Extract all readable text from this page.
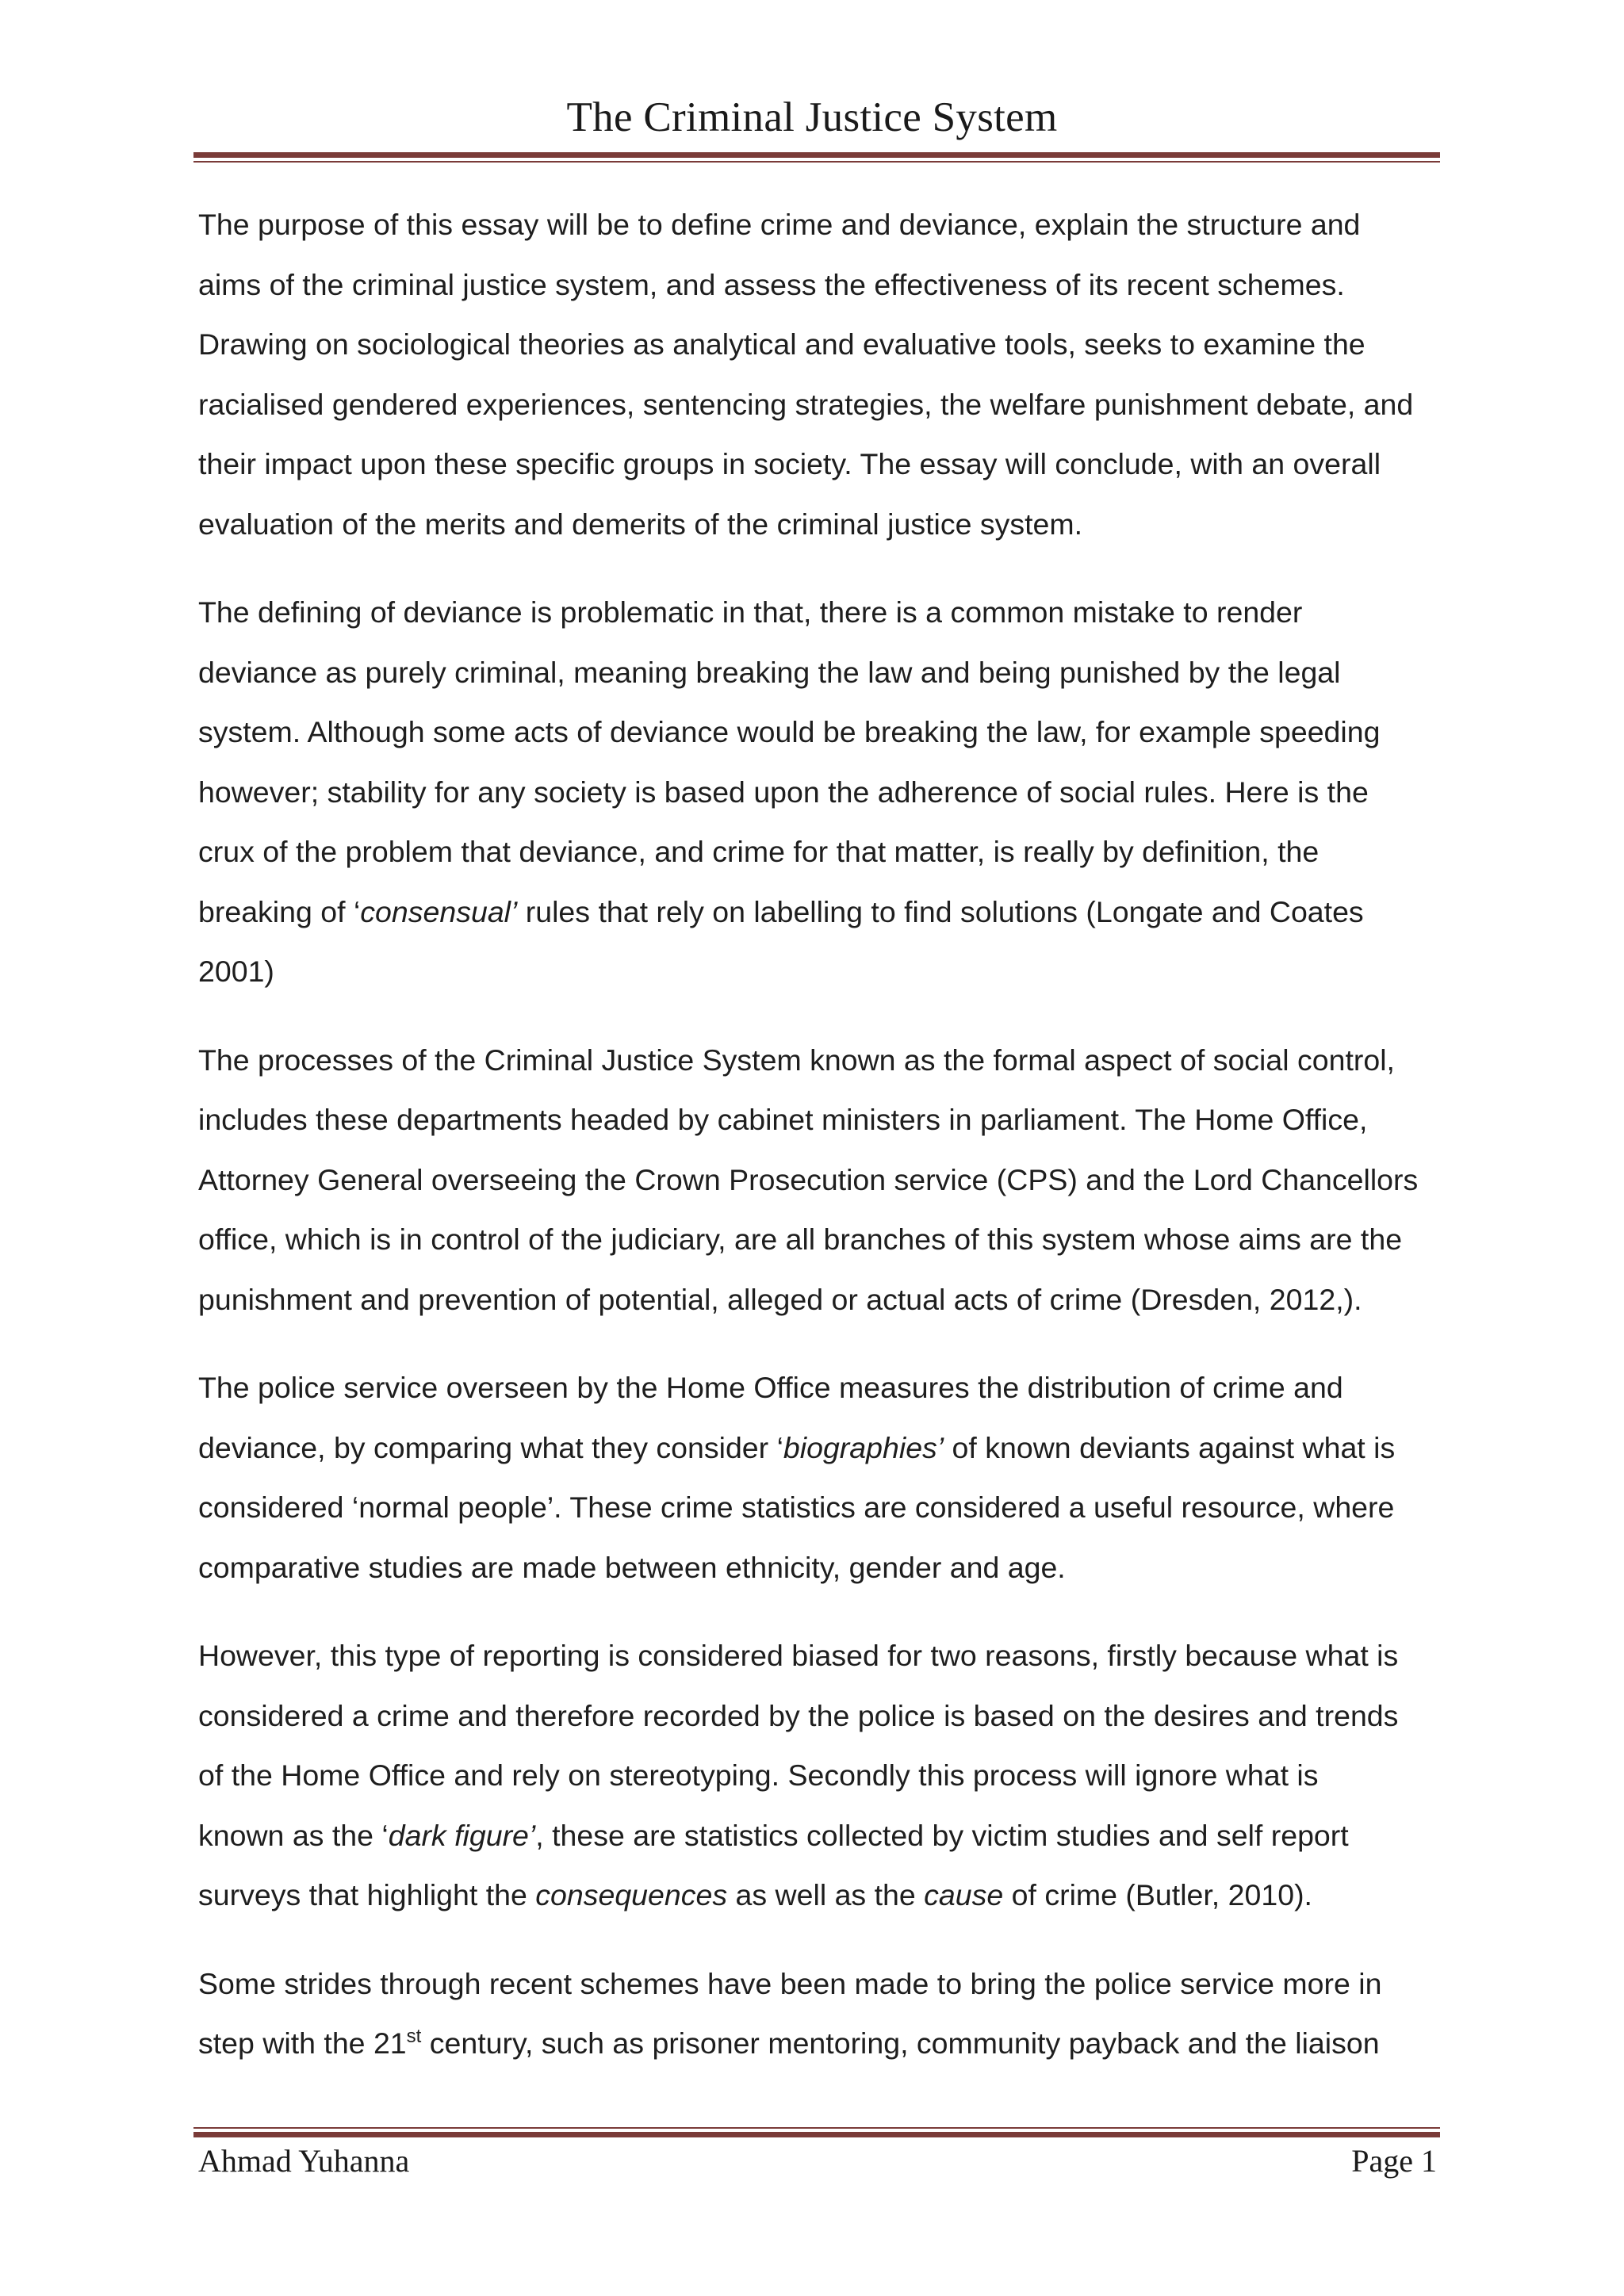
The Criminal Justice System
The purpose of this essay will be to define crime and deviance, explain the structure and
aims of the criminal justice system, and assess the effectiveness of its recent schemes.
Drawing on sociological theories as analytical and evaluative tools, seeks to examine the
racialised gendered experiences, sentencing strategies, the welfare punishment debate, and
their impact upon these specific groups in society. The essay will conclude, with an overall
evaluation of the merits and demerits of the criminal justice system.
The defining of deviance is problematic in that, there is a common mistake to render
deviance as purely criminal, meaning breaking the law and being punished by the legal
system. Although some acts of deviance would be breaking the law, for example speeding
however; stability for any society is based upon the adherence of social rules. Here is the
crux of the problem that deviance, and crime for that matter, is really by definition, the
breaking of ‘consensual’ rules that rely on labelling to find solutions (Longate and Coates
2001)
The processes of the Criminal Justice System known as the formal aspect of social control,
includes these departments headed by cabinet ministers in parliament. The Home Office,
Attorney General overseeing the Crown Prosecution service (CPS) and the Lord Chancellors
office, which is in control of the judiciary, are all branches of this system whose aims are the
punishment and prevention of potential, alleged or actual acts of crime (Dresden, 2012,).
The police service overseen by the Home Office measures the distribution of crime and
deviance, by comparing what they consider ‘biographies’ of known deviants against what is
considered ‘normal people’. These crime statistics are considered a useful resource, where
comparative studies are made between ethnicity, gender and age.
However, this type of reporting is considered biased for two reasons, firstly because what is
considered a crime and therefore recorded by the police is based on the desires and trends
of the Home Office and rely on stereotyping. Secondly this process will ignore what is
known as the ‘dark figure’, these are statistics collected by victim studies and self report
surveys that highlight the consequences as well as the cause of crime (Butler, 2010).
Some strides through recent schemes have been made to bring the police service more in
step with the 21st century, such as prisoner mentoring, community payback and the liaison
Ahmad Yuhanna	Page 1
